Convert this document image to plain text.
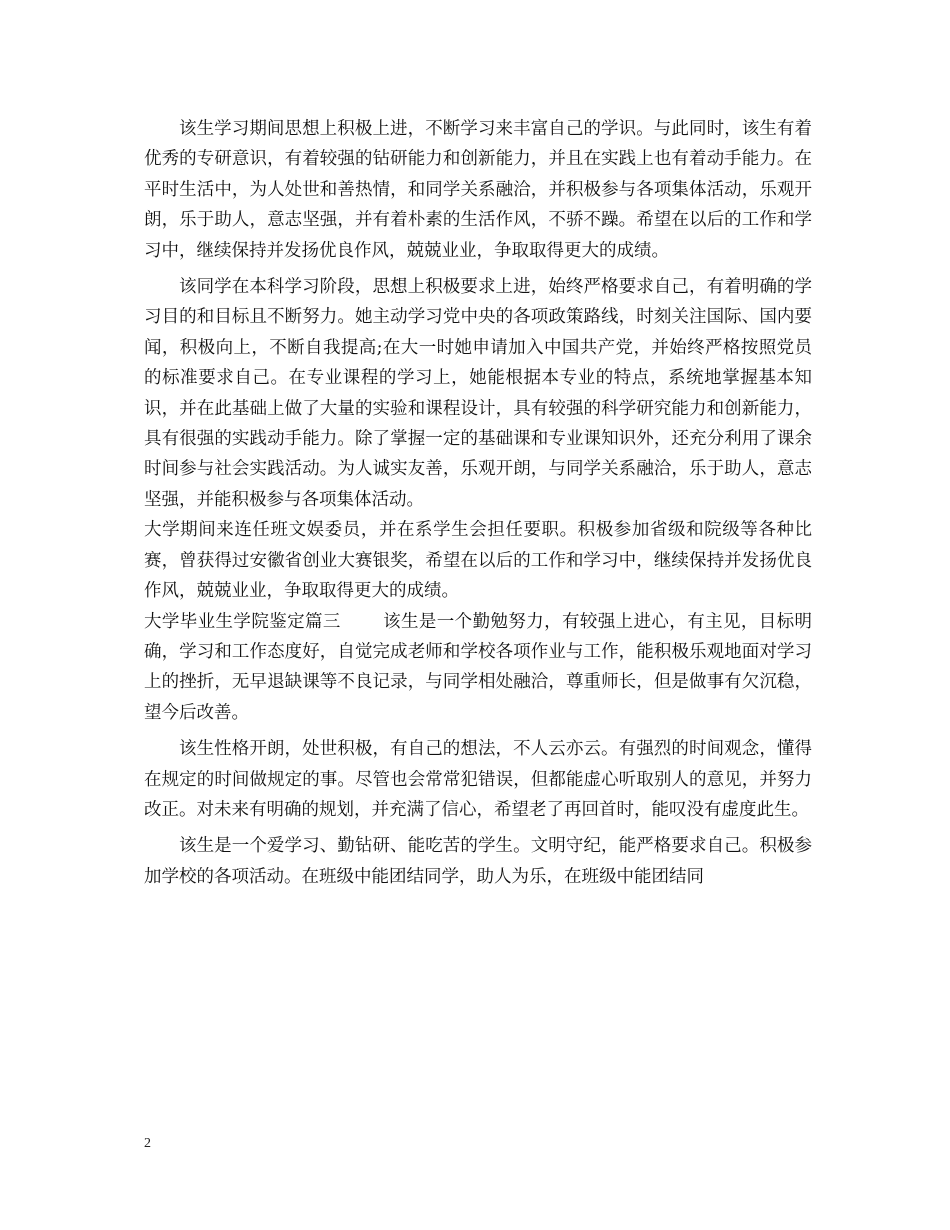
该生学习期间思想上积极上进，不断学习来丰富自己的学识。与此同时，该生有着优秀的专研意识，有着较强的钻研能力和创新能力，并且在实践上也有着动手能力。在平时生活中，为人处世和善热情，和同学关系融洽，并积极参与各项集体活动，乐观开朗，乐于助人，意志坚强，并有着朴素的生活作风，不骄不躁。希望在以后的工作和学习中，继续保持并发扬优良作风，兢兢业业，争取取得更大的成绩。

该同学在本科学习阶段，思想上积极要求上进，始终严格要求自己，有着明确的学习目的和目标且不断努力。她主动学习党中央的各项政策路线，时刻关注国际、国内要闻，积极向上，不断自我提高;在大一时她申请加入中国共产党，并始终严格按照党员的标准要求自己。在专业课程的学习上，她能根据本专业的特点，系统地掌握基本知识，并在此基础上做了大量的实验和课程设计，具有较强的科学研究能力和创新能力，具有很强的实践动手能力。除了掌握一定的基础课和专业课知识外，还充分利用了课余时间参与社会实践活动。为人诚实友善，乐观开朗，与同学关系融洽，乐于助人，意志坚强，并能积极参与各项集体活动。

大学期间来连任班文娱委员，并在系学生会担任要职。积极参加省级和院级等各种比赛，曾获得过安徽省创业大赛银奖，希望在以后的工作和学习中，继续保持并发扬优良作风，兢兢业业，争取取得更大的成绩。

大学毕业生学院鉴定篇三 该生是一个勤勉努力，有较强上进心，有主见，目标明确，学习和工作态度好，自觉完成老师和学校各项作业与工作，能积极乐观地面对学习上的挫折，无早退缺课等不良记录，与同学相处融洽，尊重师长，但是做事有欠沉稳，望今后改善。

该生性格开朗，处世积极，有自己的想法，不人云亦云。有强烈的时间观念，懂得在规定的时间做规定的事。尽管也会常常犯错误，但都能虚心听取别人的意见，并努力改正。对未来有明确的规划，并充满了信心，希望老了再回首时，能叹没有虚度此生。

该生是一个爱学习、勤钻研、能吃苦的学生。文明守纪，能严格要求自己。积极参加学校的各项活动。在班级中能团结同学，助人为乐，在班级中能团结同

2
